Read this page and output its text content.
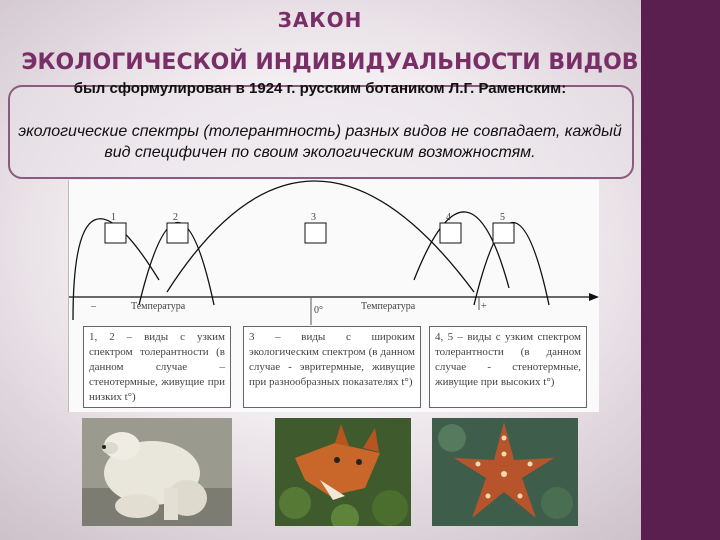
ЗАКОН
ЭКОЛОГИЧЕСКОЙ ИНДИВИДУАЛЬНОСТИ ВИДОВ
был сформулирован в 1924 г. русским ботаником Л.Г. Раменским:
экологические спектры (толерантность) разных видов не совпадает, каждый вид специфичен по своим экологическим возможностям.
1	2	3	4	5
–	Температура	0°	Температура	+
1, 2 – виды с узким спектром толерантности (в данном случае – стенотермные, живущие при низких t°)
3 – виды с широким экологическим спектром (в данном случае - эвритермные, живущие при разнообразных показателях t°)
4, 5 – виды с узким спектром толерантности (в данном случае - стенотермные, живущие при высоких t°)
